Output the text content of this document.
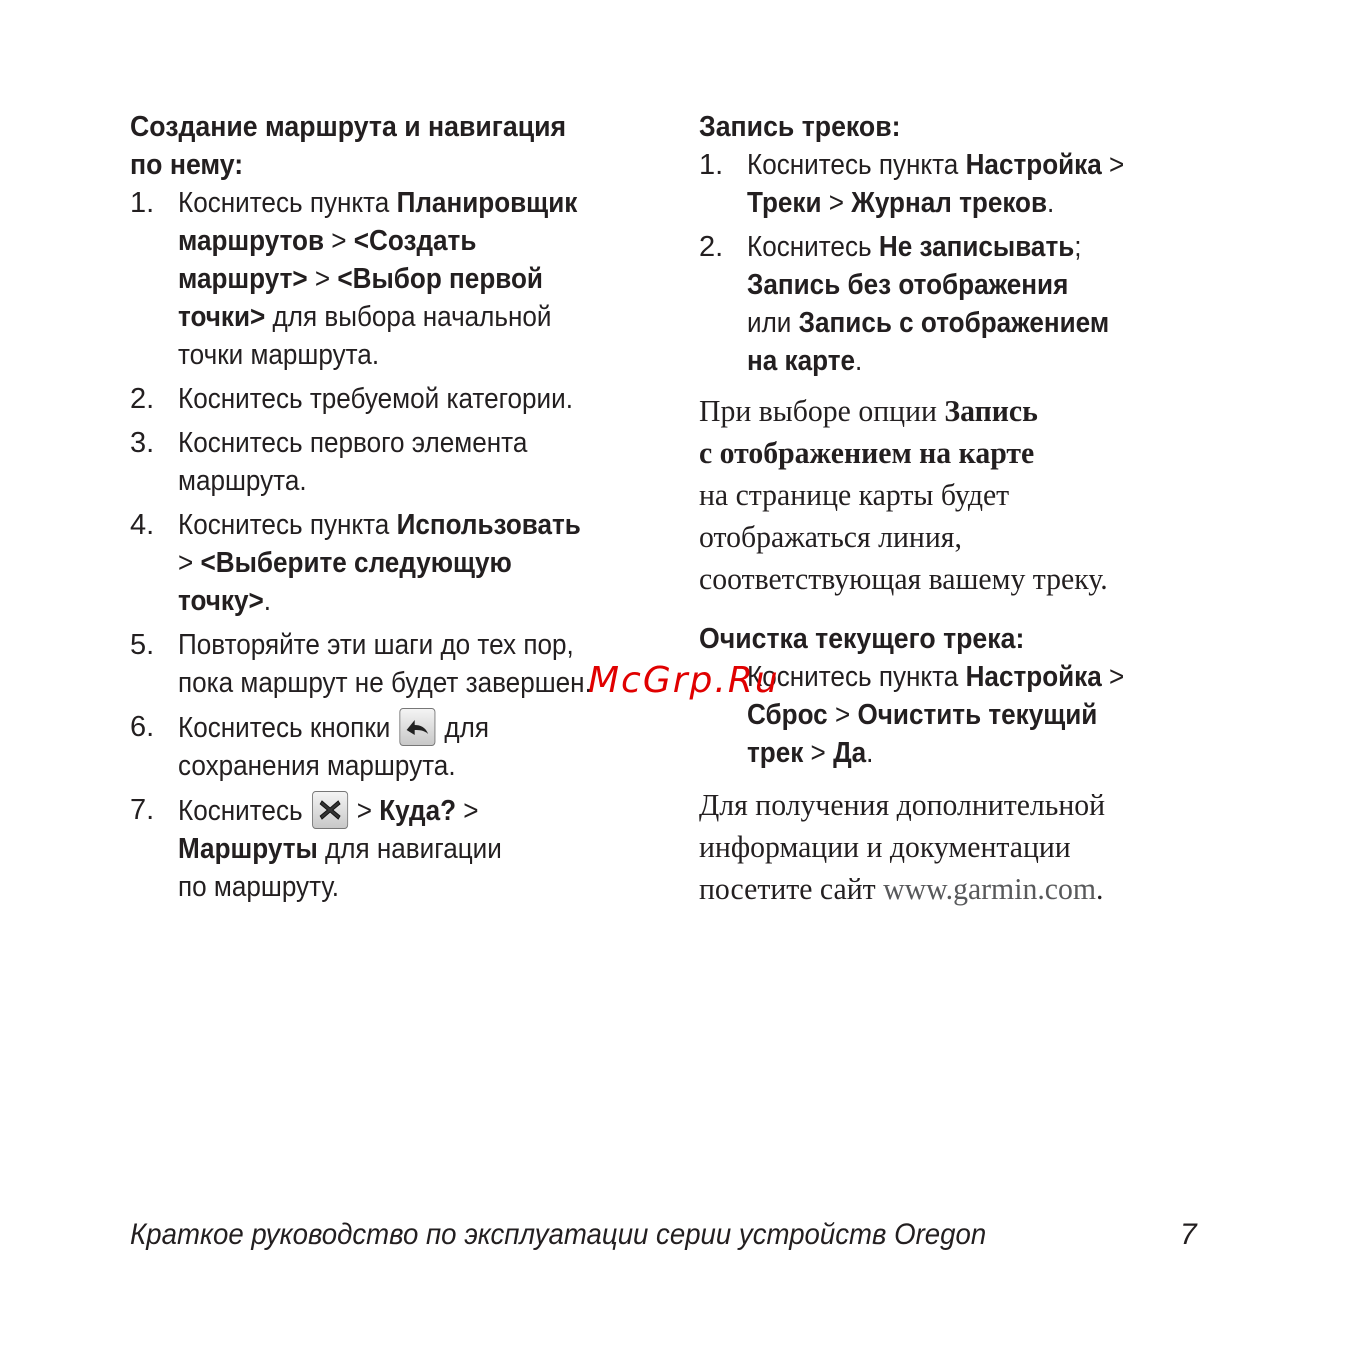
Создание маршрута и навигация
по нему:
1. Коснитесь пункта Планировщик
маршрутов > <Создать
маршрут> > <Выбор первой
точки> для выбора начальной
точки маршрута.
2. Коснитесь требуемой категории.
3. Коснитесь первого элемента
маршрута.
4. Коснитесь пункта Использовать
> <Выберите следующую
точку>.
5. Повторяйте эти шаги до тех пор,
пока маршрут не будет завершен.
6. Коснитесь кнопки
для
сохранения маршрута.
7. Коснитесь
> Куда? >
Маршруты для навигации
по маршруту.
Запись треков:
1. Коснитесь пункта Настройка >
Треки > Журнал треков.
2. Коснитесь Не записывать;
Запись без отображения
или Запись с отображением
на карте.

При выборе опции Запись
с отображением на карте
на странице карты будет
отображаться линия,
соответствующая вашему треку.

Очистка текущего трека:
Коснитесь пункта Настройка >
Сброс > Очистить текущий
трек > Да.

Для получения дополнительной
информации и документации
посетите сайт www.garmin.com.

McGrp.Ru
Краткое руководство по эксплуатации серии устройств Oregon	7
